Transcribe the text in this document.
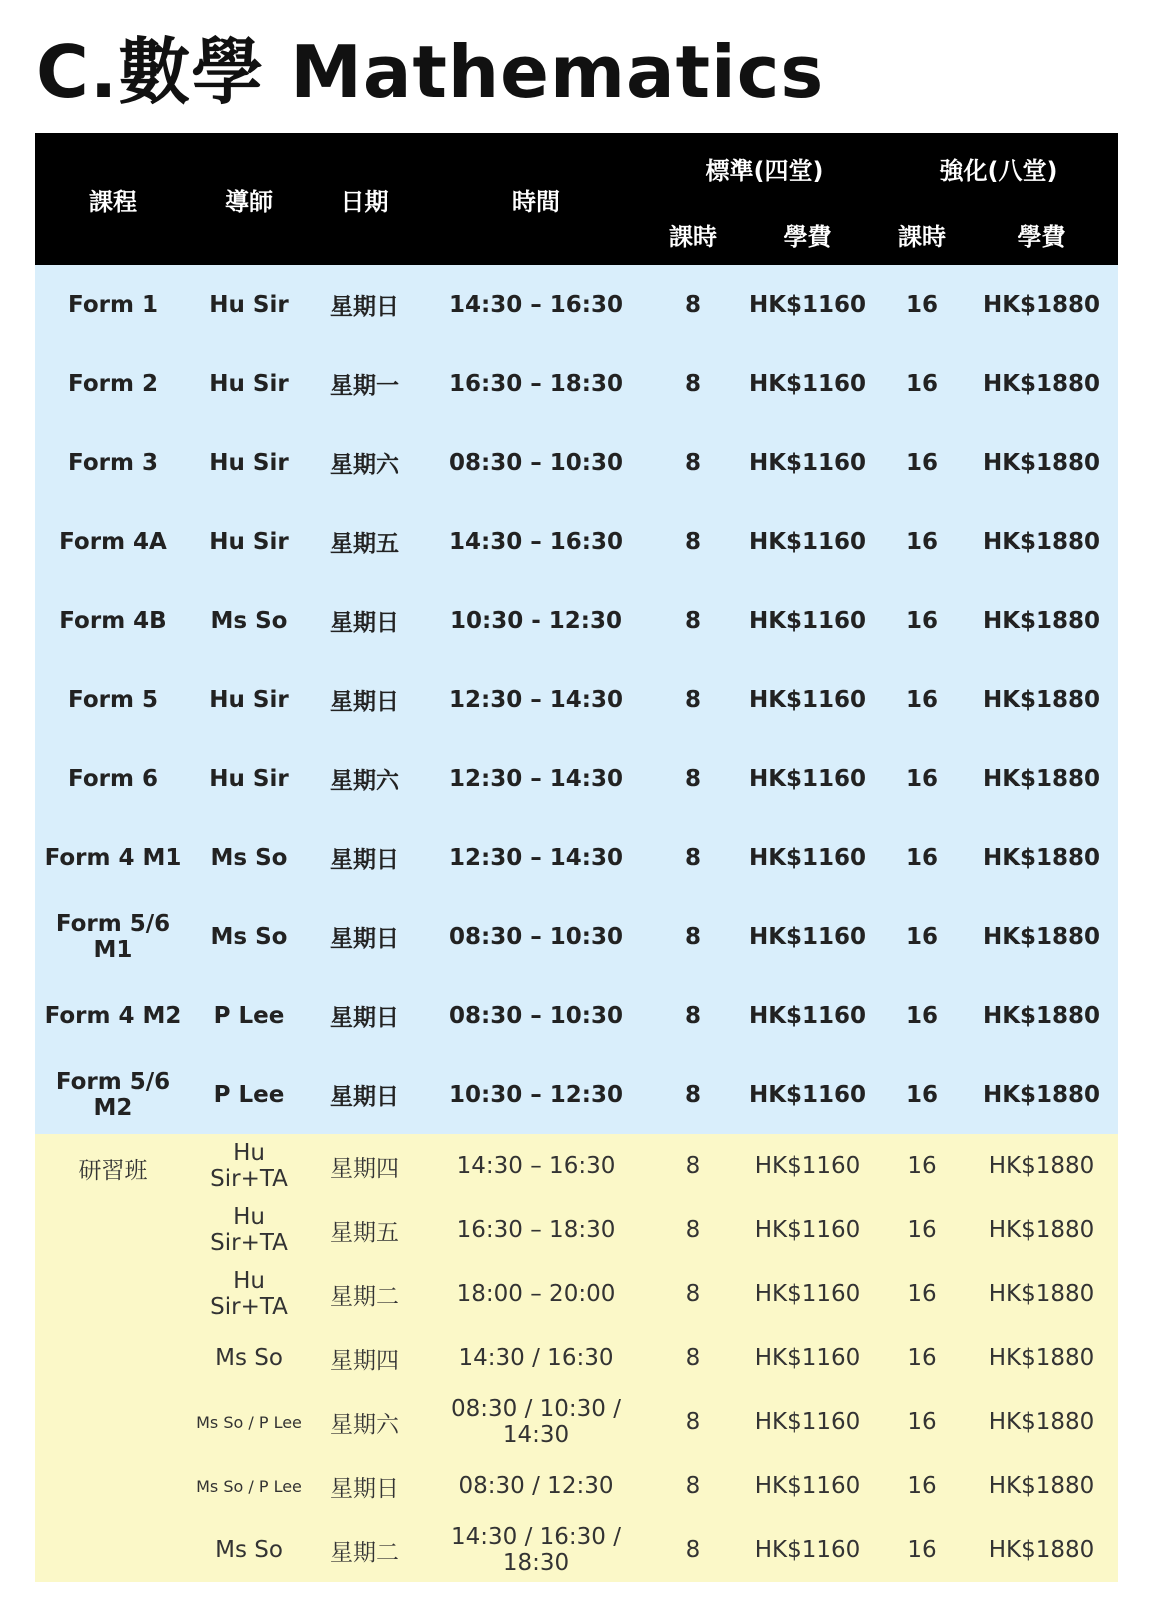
C.數學 Mathematics
課程	導師	日期	時間	標準(四堂)		強化(八堂)	
				課時	學費	課時	學費
Form 1	Hu Sir	星期日	14:30 – 16:30	8	HK$1160	16	HK$1880
Form 2	Hu Sir	星期一	16:30 – 18:30	8	HK$1160	16	HK$1880
Form 3	Hu Sir	星期六	08:30 – 10:30	8	HK$1160	16	HK$1880
Form 4A	Hu Sir	星期五	14:30 – 16:30	8	HK$1160	16	HK$1880
Form 4B	Ms So	星期日	10:30 - 12:30	8	HK$1160	16	HK$1880
Form 5	Hu Sir	星期日	12:30 – 14:30	8	HK$1160	16	HK$1880
Form 6	Hu Sir	星期六	12:30 – 14:30	8	HK$1160	16	HK$1880
Form 4 M1	Ms So	星期日	12:30 – 14:30	8	HK$1160	16	HK$1880
Form 5/6 M1	Ms So	星期日	08:30 – 10:30	8	HK$1160	16	HK$1880
Form 4 M2	P Lee	星期日	08:30 – 10:30	8	HK$1160	16	HK$1880
Form 5/6 M2	P Lee	星期日	10:30 – 12:30	8	HK$1160	16	HK$1880
研習班	Hu Sir+TA	星期四	14:30 – 16:30	8	HK$1160	16	HK$1880
	Hu Sir+TA	星期五	16:30 – 18:30	8	HK$1160	16	HK$1880
	Hu Sir+TA	星期二	18:00 – 20:00	8	HK$1160	16	HK$1880
	Ms So	星期四	14:30 / 16:30	8	HK$1160	16	HK$1880
	Ms So / P Lee	星期六	08:30 / 10:30 / 14:30	8	HK$1160	16	HK$1880
	Ms So / P Lee	星期日	08:30 / 12:30	8	HK$1160	16	HK$1880
	Ms So	星期二	14:30 / 16:30 / 18:30	8	HK$1160	16	HK$1880
